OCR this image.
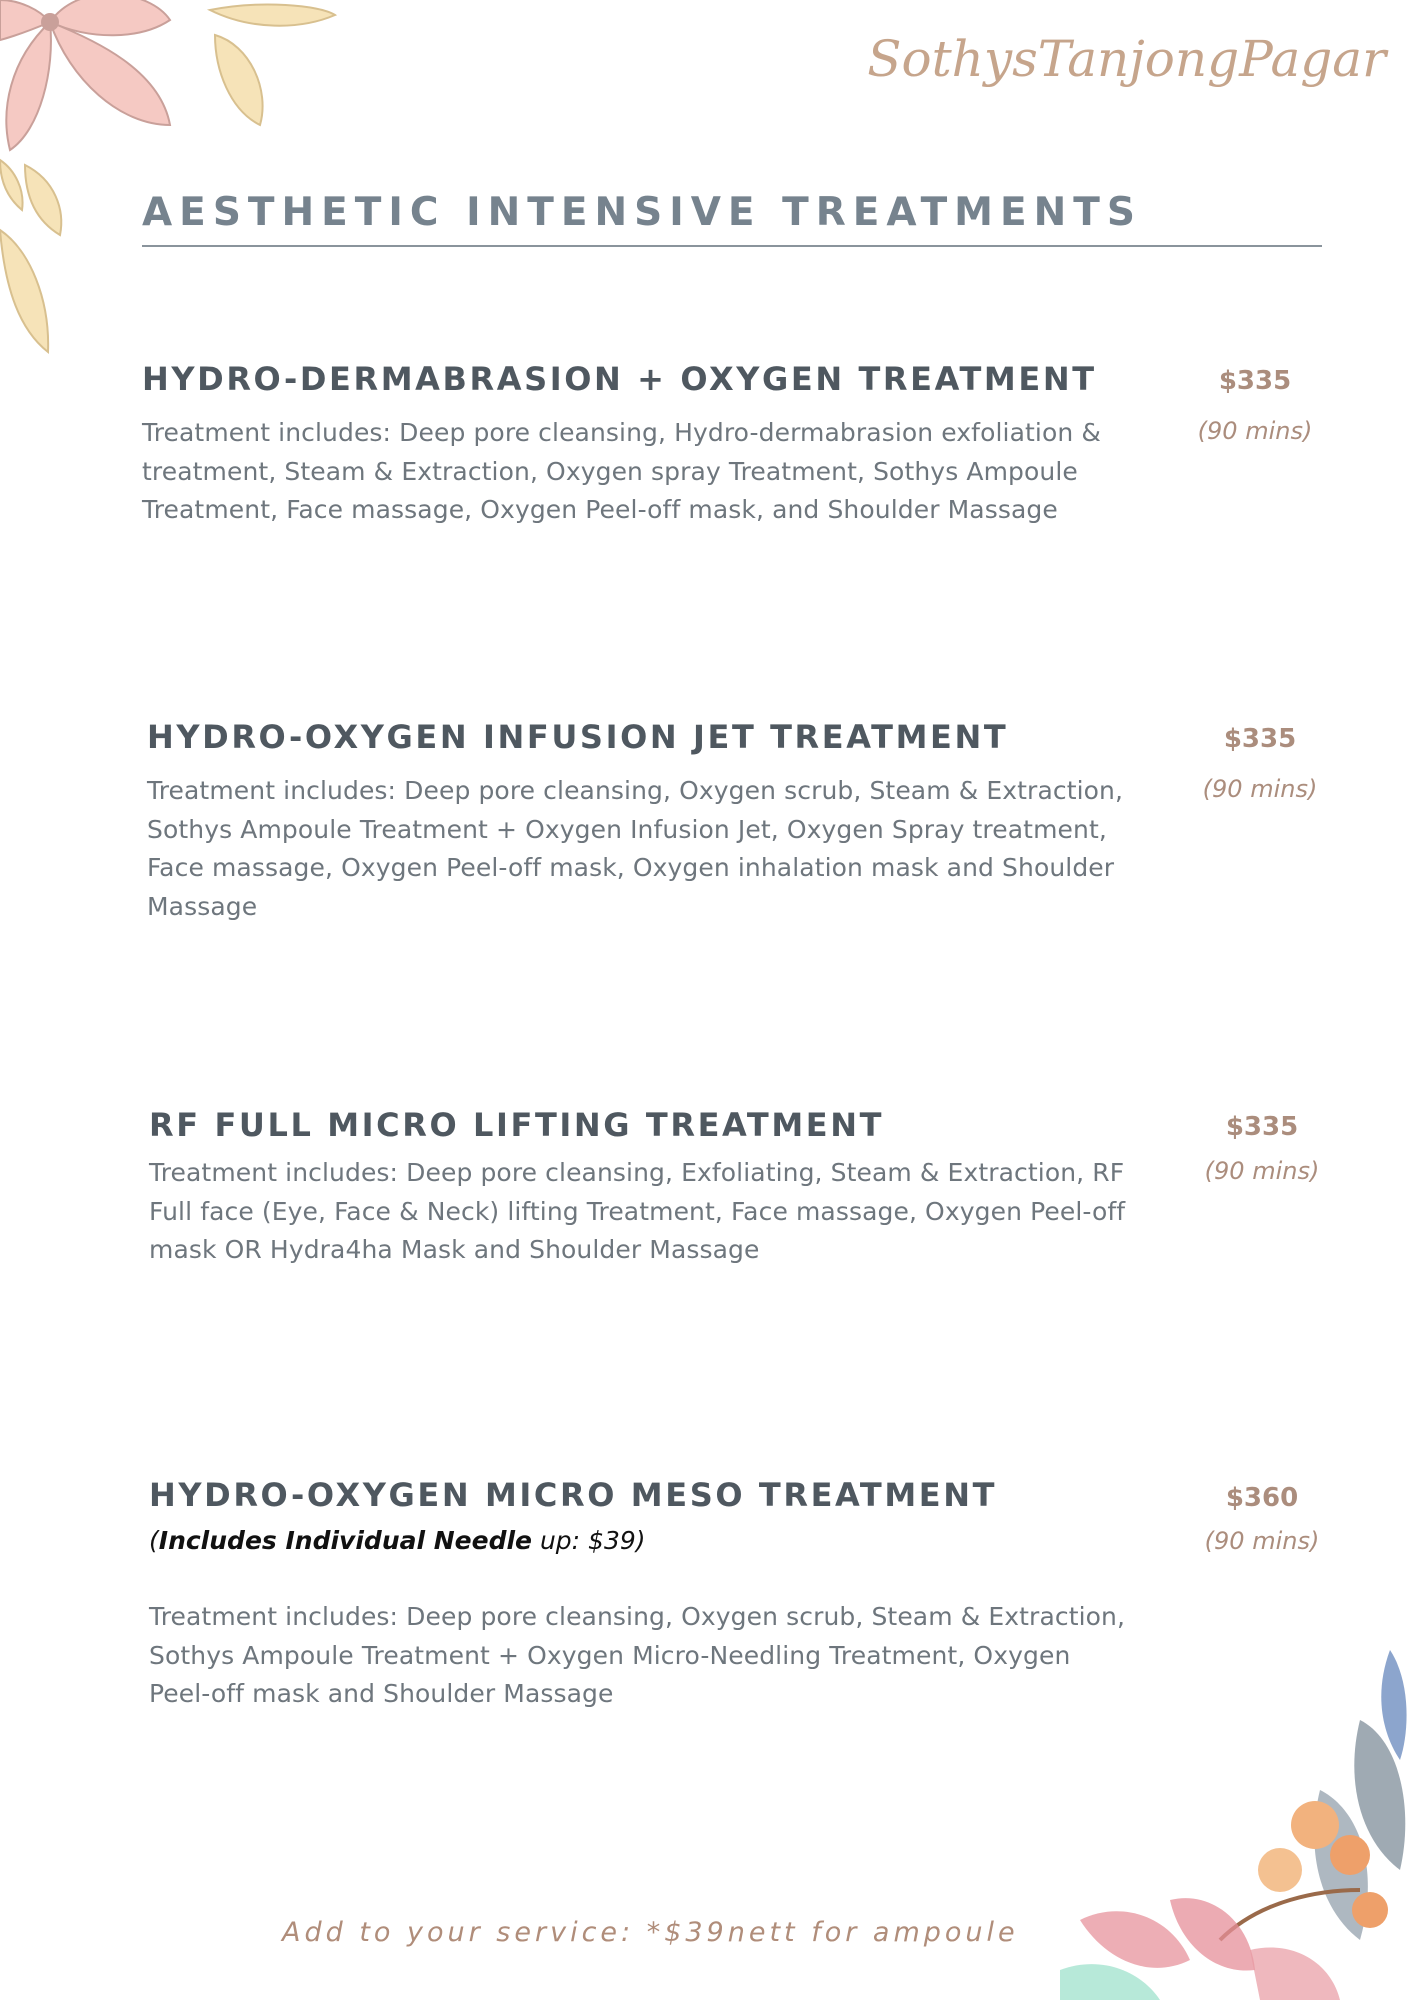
SothysTanjongPagar
AESTHETIC INTENSIVE TREATMENTS
HYDRO-DERMABRASION + OXYGEN TREATMENT

Treatment includes: Deep pore cleansing, Hydro-dermabrasion exfoliation & treatment, Steam & Extraction, Oxygen spray Treatment, Sothys Ampoule Treatment, Face massage, Oxygen Peel-off mask, and Shoulder Massage

$335

(90 mins)

HYDRO-OXYGEN INFUSION JET TREATMENT

Treatment includes: Deep pore cleansing, Oxygen scrub, Steam & Extraction, Sothys Ampoule Treatment + Oxygen Infusion Jet, Oxygen Spray treatment, Face massage, Oxygen Peel-off mask, Oxygen inhalation mask and Shoulder Massage

$335

(90 mins)

RF FULL MICRO LIFTING TREATMENT

Treatment includes: Deep pore cleansing, Exfoliating, Steam & Extraction, RF Full face (Eye, Face & Neck) lifting Treatment, Face massage, Oxygen Peel-off mask OR Hydra4ha Mask and Shoulder Massage

$335

(90 mins)

HYDRO-OXYGEN MICRO MESO TREATMENT

(Includes Individual Needle up: $39)

Treatment includes: Deep pore cleansing, Oxygen scrub, Steam & Extraction, Sothys Ampoule Treatment + Oxygen Micro-Needling Treatment, Oxygen Peel-off mask and Shoulder Massage

$360

(90 mins)

Add to your service: *$39nett for ampoule
